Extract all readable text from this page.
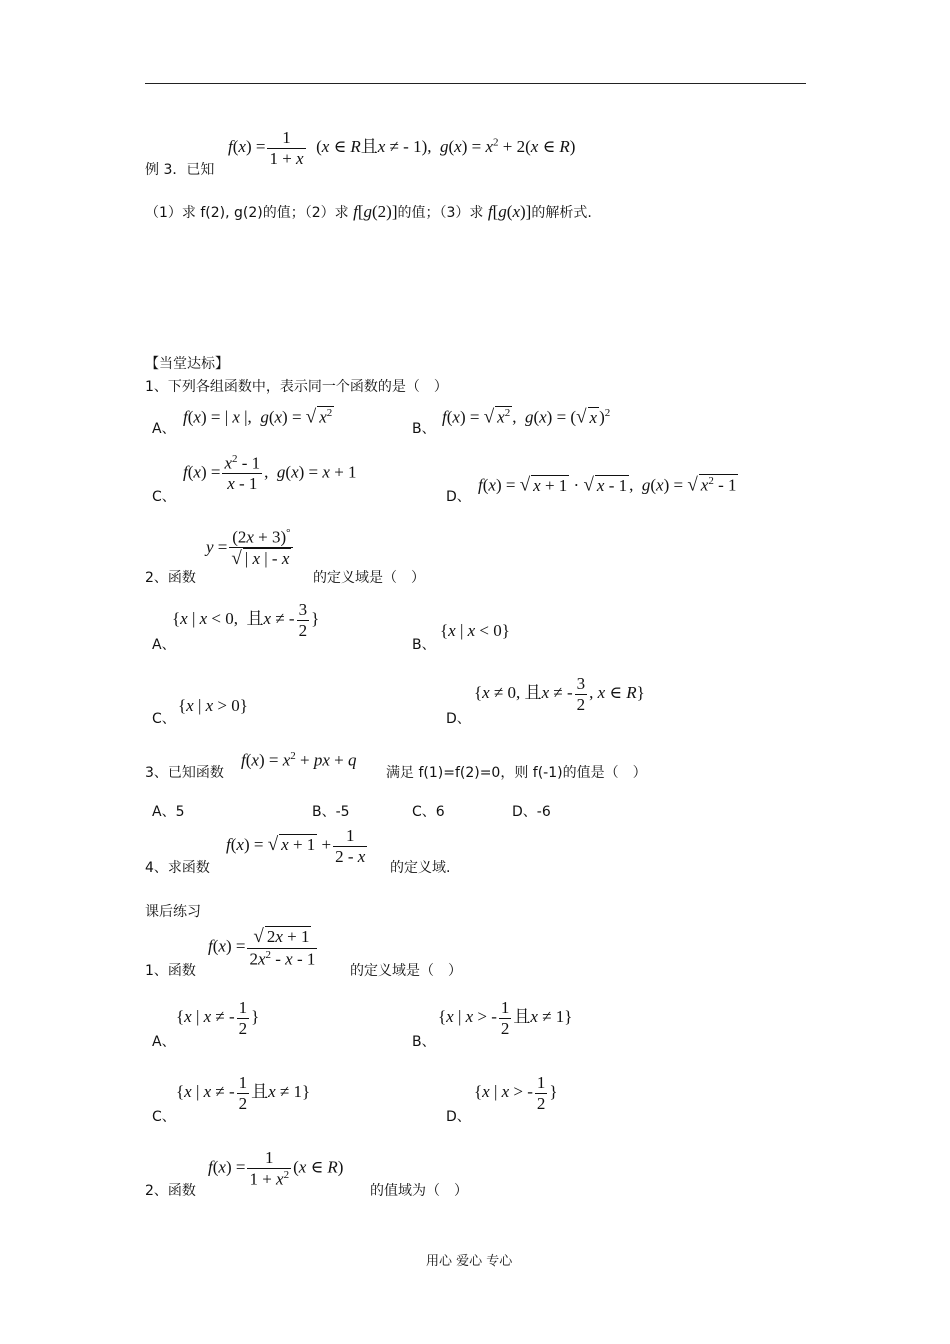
$f(x) = \frac{1}{1 + x} (x$ ∈ R且x ≠ - 1),  $g(x) = x^2 + 2(x$ ∈ R)
例 3．已知
（1）求 f(2), g(2)的值；（2）求 f[g(2)]的值；（3）求 f[g(x)]的解析式.
【当堂达标】
1、下列各组函数中，表示同一个函数的是（　）
A、
f(x) = | x |,  g(x) = √ $x^2$
B、
f(x) = √ $x^2$ ,  g(x) = (√ x )$^2$
C、
$f(x) = \frac{x^2 - 1}{x - 1}$ ,  g(x) = x + 1
D、
f(x) = √ x + 1 · √ x - 1 ,  g(x) = √ $x^2 - 1$
$y = \frac{(2x + 3)^\circ}{√ | x | - x}$
2、函数	的定义域是（　）
A、
{x | x < 0,  且x ≠ - $\frac{3}{2}$ }
B、
{x | x < 0}
C、
{x | x > 0}
D、
{x ≠ 0, 且x ≠ - $\frac{3}{2}$ , x ∈ R}
3、已知函数
$f(x) = x^2$ + px + q
满足 f(1)=f(2)=0，则 f(-1)的值是（　）
A、5	B、-5	C、6	D、-6
f(x) = √ $x + 1 + \frac{1}{2 - x}$
4、求函数	的定义域.
课后练习
$f(x) = \frac{√ 2x + 1}{2x^2 - x - 1}$
1、函数	的定义域是（　）
A、
{x | x ≠ - $\frac{1}{2}$ }
B、
{x | x > - $\frac{1}{2}$ 且x ≠ 1}
C、
{x | x ≠ - $\frac{1}{2}$ 且x ≠ 1}
D、
{x | x > - $\frac{1}{2}$ }
$f(x) = \frac{1}{1 + x^2} (x$ ∈ R)
2、函数	的值域为（　）
用心 爱心 专心
